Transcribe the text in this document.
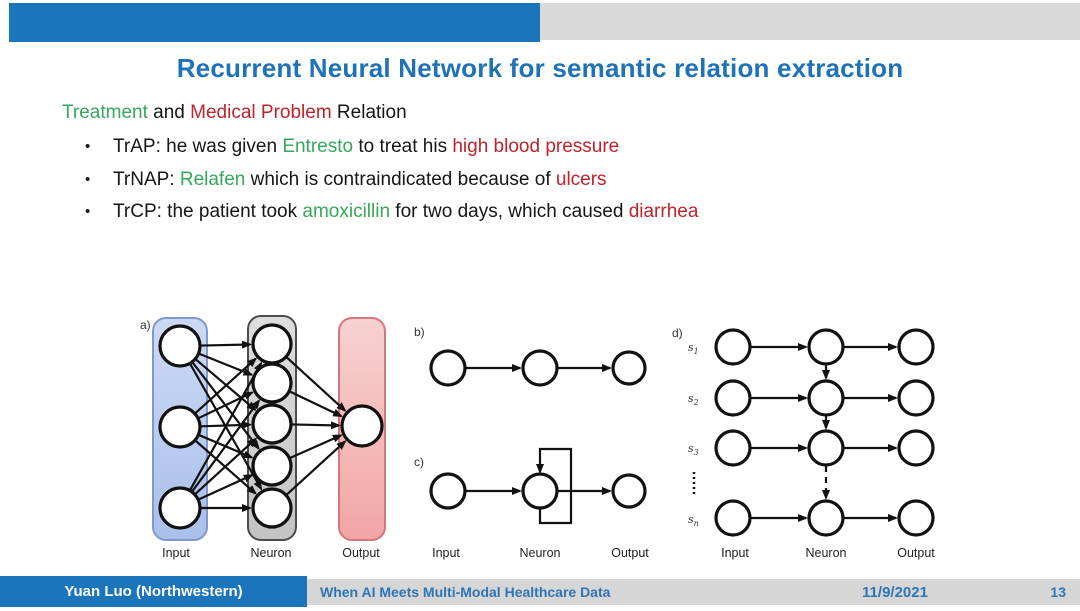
Recurrent Neural Network for semantic relation extraction
Treatment and Medical Problem Relation
• TrAP: he was given Entresto to treat his high blood pressure
• TrNAP: Relafen which is contraindicated because of ulcers
• TrCP: the patient took amoxicillin for two days, which caused diarrhea
a)	b)
c)
d)
Input	Neuron	Output	Input	Neuron	Output	Input	Neuron	Output
$s_1$
$s_2$
$s_3$
$s_n$
Yuan Luo (Northwestern)	When AI Meets Multi-Modal Healthcare Data	11/9/2021	13
